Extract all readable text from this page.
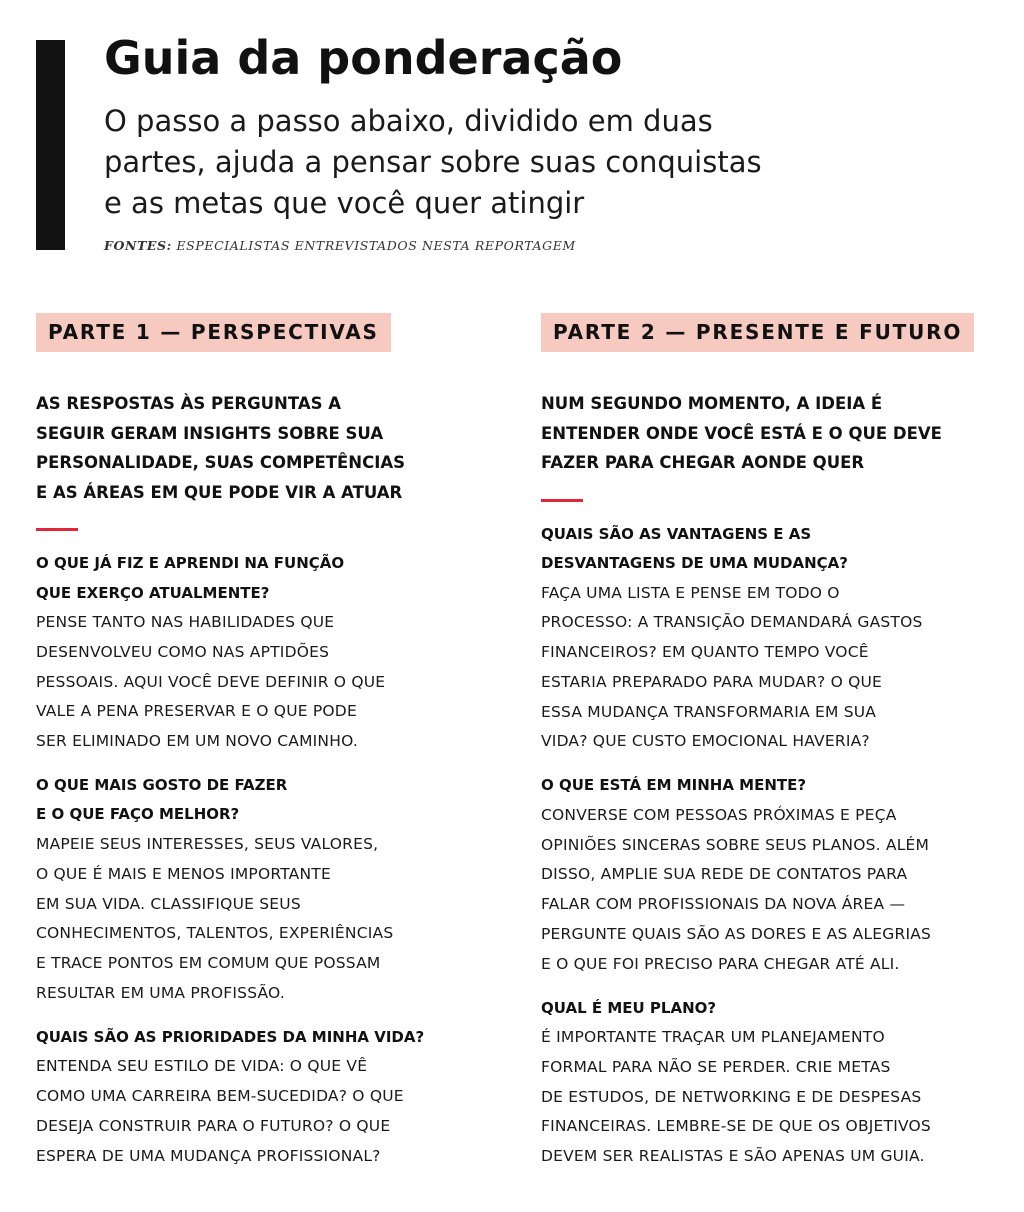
Guia da ponderação

O passo a passo abaixo, dividido em duas
partes, ajuda a pensar sobre suas conquistas
e as metas que você quer atingir

FONTES: ESPECIALISTAS ENTREVISTADOS NESTA REPORTAGEM

PARTE 1 — PERSPECTIVAS

AS RESPOSTAS ÀS PERGUNTAS A
SEGUIR GERAM INSIGHTS SOBRE SUA
PERSONALIDADE, SUAS COMPETÊNCIAS
E AS ÁREAS EM QUE PODE VIR A ATUAR

O QUE JÁ FIZ E APRENDI NA FUNÇÃO
QUE EXERÇO ATUALMENTE?

PENSE TANTO NAS HABILIDADES QUE
DESENVOLVEU COMO NAS APTIDÕES
PESSOAIS. AQUI VOCÊ DEVE DEFINIR O QUE
VALE A PENA PRESERVAR E O QUE PODE
SER ELIMINADO EM UM NOVO CAMINHO.

O QUE MAIS GOSTO DE FAZER
E O QUE FAÇO MELHOR?

MAPEIE SEUS INTERESSES, SEUS VALORES,
O QUE É MAIS E MENOS IMPORTANTE
EM SUA VIDA. CLASSIFIQUE SEUS
CONHECIMENTOS, TALENTOS, EXPERIÊNCIAS
E TRACE PONTOS EM COMUM QUE POSSAM
RESULTAR EM UMA PROFISSÃO.

QUAIS SÃO AS PRIORIDADES DA MINHA VIDA?

ENTENDA SEU ESTILO DE VIDA: O QUE VÊ
COMO UMA CARREIRA BEM-SUCEDIDA? O QUE
DESEJA CONSTRUIR PARA O FUTURO? O QUE
ESPERA DE UMA MUDANÇA PROFISSIONAL?

PARTE 2 — PRESENTE E FUTURO

NUM SEGUNDO MOMENTO, A IDEIA É
ENTENDER ONDE VOCÊ ESTÁ E O QUE DEVE
FAZER PARA CHEGAR AONDE QUER

QUAIS SÃO AS VANTAGENS E AS
DESVANTAGENS DE UMA MUDANÇA?

FAÇA UMA LISTA E PENSE EM TODO O
PROCESSO: A TRANSIÇÃO DEMANDARÁ GASTOS
FINANCEIROS? EM QUANTO TEMPO VOCÊ
ESTARIA PREPARADO PARA MUDAR? O QUE
ESSA MUDANÇA TRANSFORMARIA EM SUA
VIDA? QUE CUSTO EMOCIONAL HAVERIA?

O QUE ESTÁ EM MINHA MENTE?

CONVERSE COM PESSOAS PRÓXIMAS E PEÇA
OPINIÕES SINCERAS SOBRE SEUS PLANOS. ALÉM
DISSO, AMPLIE SUA REDE DE CONTATOS PARA
FALAR COM PROFISSIONAIS DA NOVA ÁREA —
PERGUNTE QUAIS SÃO AS DORES E AS ALEGRIAS
E O QUE FOI PRECISO PARA CHEGAR ATÉ ALI.

QUAL É MEU PLANO?

É IMPORTANTE TRAÇAR UM PLANEJAMENTO
FORMAL PARA NÃO SE PERDER. CRIE METAS
DE ESTUDOS, DE NETWORKING E DE DESPESAS
FINANCEIRAS. LEMBRE-SE DE QUE OS OBJETIVOS
DEVEM SER REALISTAS E SÃO APENAS UM GUIA.
